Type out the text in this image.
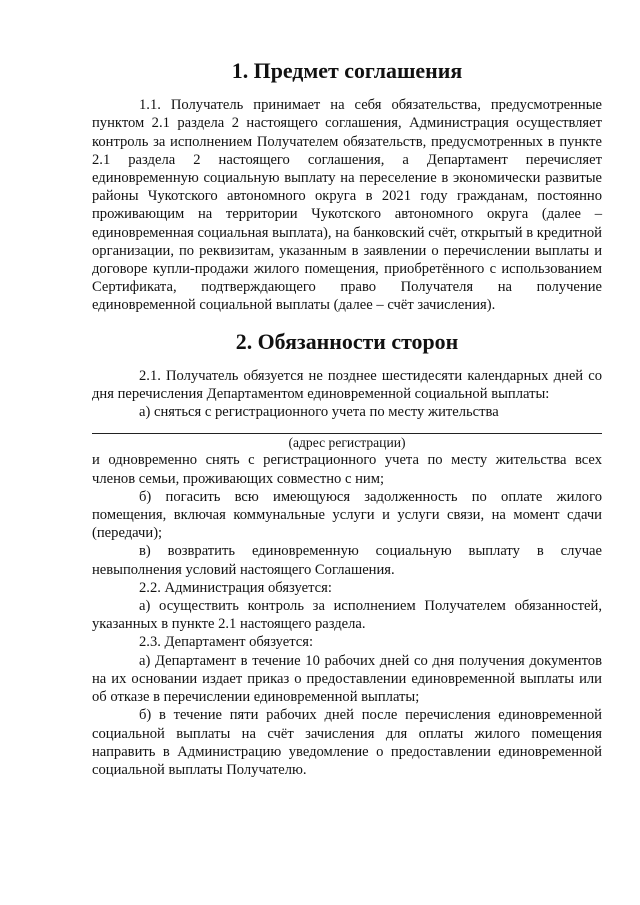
1. Предмет соглашения

1.1. Получатель принимает на себя обязательства, предусмотренные пунктом 2.1 раздела 2 настоящего соглашения, Администрация осуществляет контроль за исполнением Получателем обязательств, предусмотренных в пункте 2.1 раздела 2 настоящего соглашения, а Департамент перечисляет единовременную социальную выплату на переселение в экономически развитые районы Чукотского автономного округа в 2021 году гражданам, постоянно проживающим на территории Чукотского автономного округа (далее – единовременная социальная выплата), на банковский счёт, открытый в кредитной организации, по реквизитам, указанным в заявлении о перечислении выплаты и договоре купли-продажи жилого помещения, приобретённого с использованием Сертификата, подтверждающего право Получателя на получение единовременной социальной выплаты (далее – счёт зачисления).

2. Обязанности сторон

2.1. Получатель обязуется не позднее шестидесяти календарных дней со дня перечисления Департаментом единовременной социальной выплаты:

а) сняться с регистрационного учета по месту жительства

(адрес регистрации)

и одновременно снять с регистрационного учета по месту жительства всех членов семьи, проживающих совместно с ним;

б) погасить всю имеющуюся задолженность по оплате жилого помещения, включая коммунальные услуги и услуги связи, на момент сдачи (передачи);

в) возвратить единовременную социальную выплату в случае невыполнения условий настоящего Соглашения.

2.2. Администрация обязуется:

а) осуществить контроль за исполнением Получателем обязанностей, указанных в пункте 2.1 настоящего раздела.

2.3. Департамент обязуется:

а) Департамент в течение 10 рабочих дней со дня получения документов на их основании издает приказ о предоставлении единовременной выплаты или об отказе в перечислении единовременной выплаты;

б) в течение пяти рабочих дней после перечисления единовременной социальной выплаты на счёт зачисления для оплаты жилого помещения направить в Администрацию уведомление о предоставлении единовременной социальной выплаты Получателю.
